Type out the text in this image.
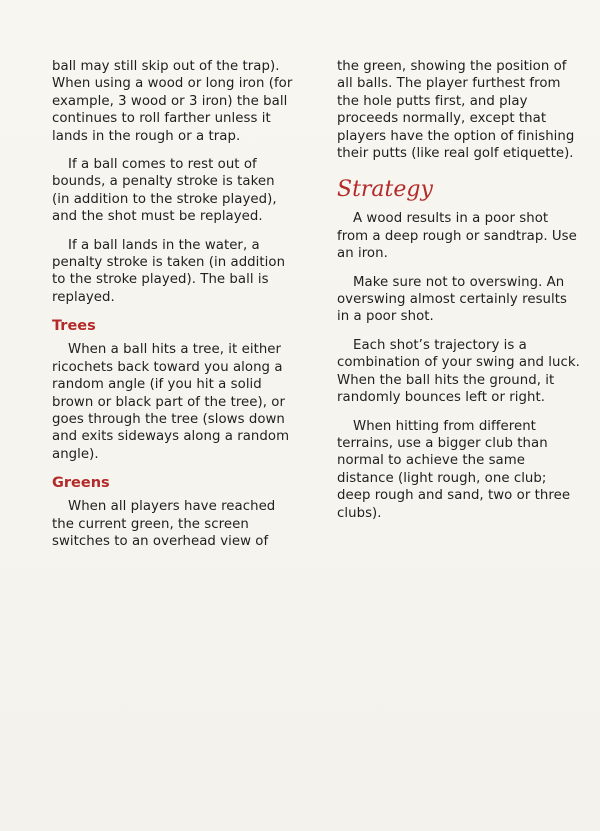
ball may still skip out of the trap). When using a wood or long iron (for example, 3 wood or 3 iron) the ball continues to roll farther unless it lands in the rough or a trap.

If a ball comes to rest out of bounds, a penalty stroke is taken (in addition to the stroke played), and the shot must be replayed.

If a ball lands in the water, a penalty stroke is taken (in addition to the stroke played). The ball is replayed.

Trees

When a ball hits a tree, it either ricochets back toward you along a random angle (if you hit a solid brown or black part of the tree), or goes through the tree (slows down and exits sideways along a random angle).

Greens

When all players have reached the current green, the screen switches to an overhead view of

the green, showing the position of all balls. The player furthest from the hole putts first, and play proceeds normally, except that players have the option of finishing their putts (like real golf etiquette).

Strategy

A wood results in a poor shot from a deep rough or sandtrap. Use an iron.

Make sure not to overswing. An overswing almost certainly results in a poor shot.

Each shot’s trajectory is a combination of your swing and luck. When the ball hits the ground, it randomly bounces left or right.

When hitting from different terrains, use a bigger club than normal to achieve the same distance (light rough, one club; deep rough and sand, two or three clubs).
